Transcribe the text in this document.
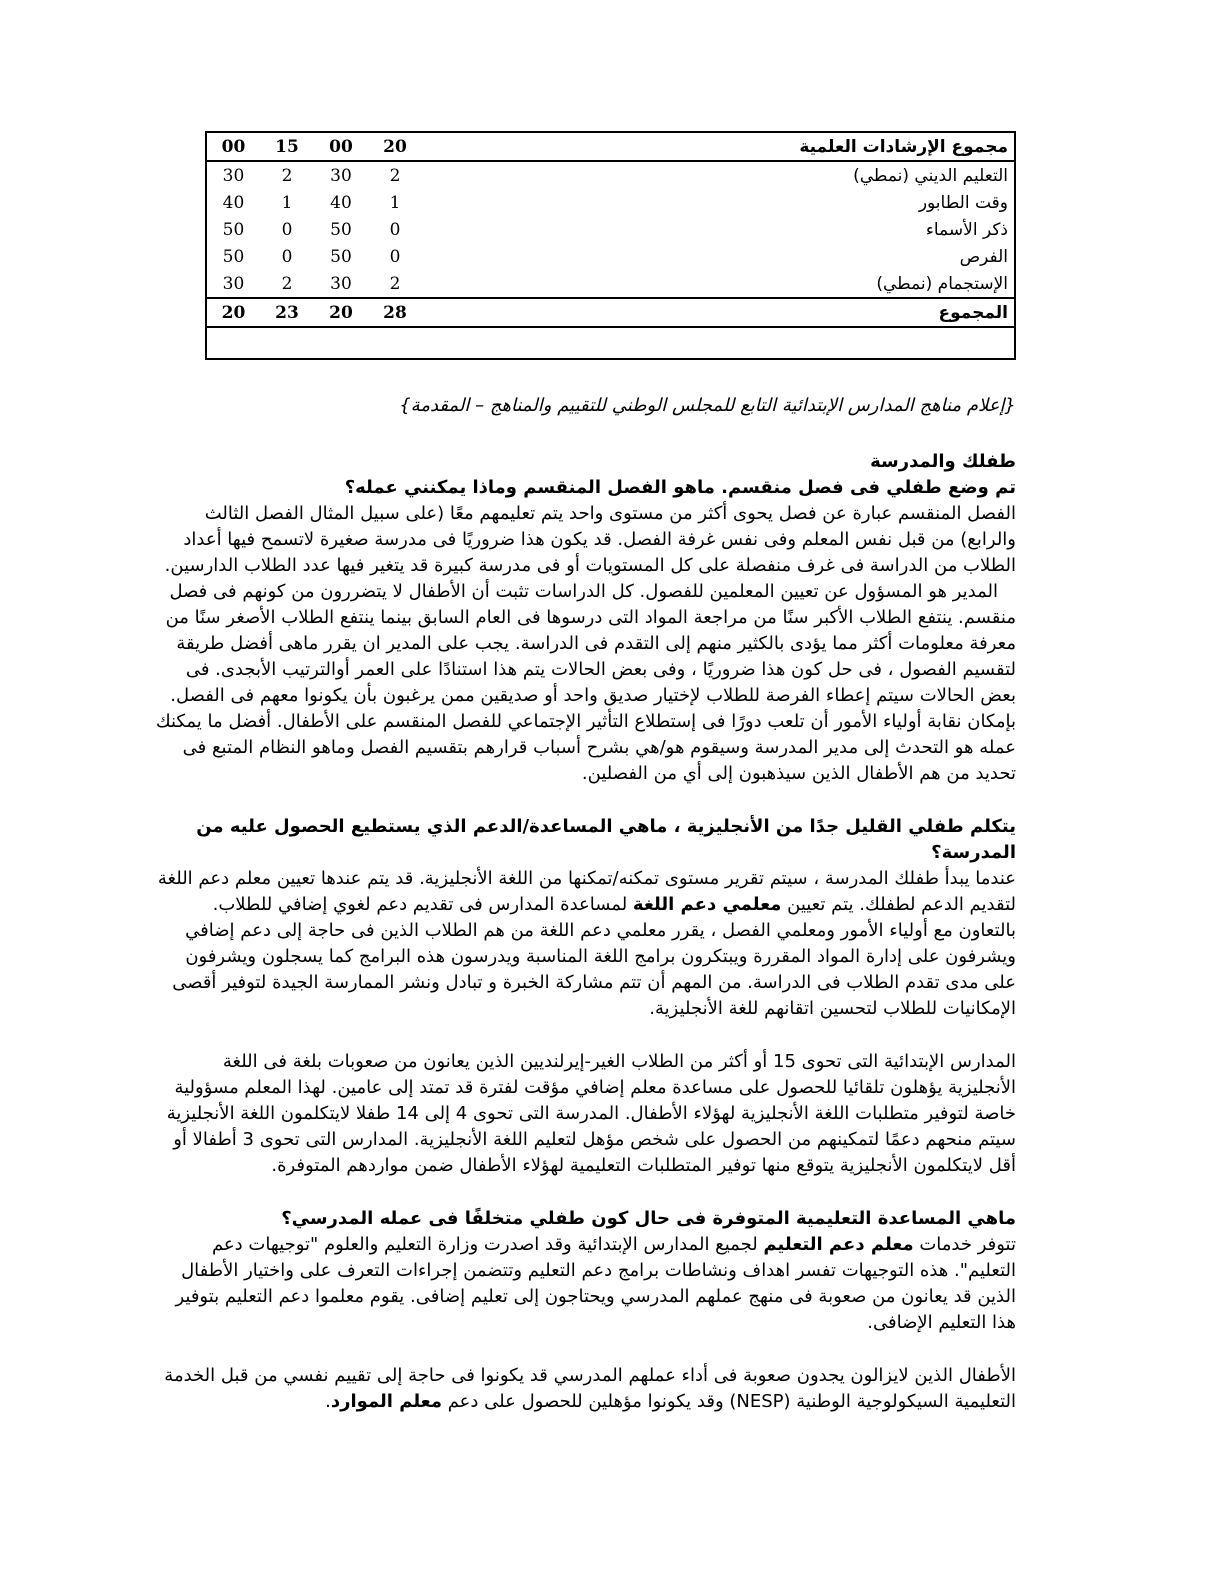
مجموع الإرشادات العلمية	20	00	15	00
التعليم الديني (نمطي)	2	30	2	30
وقت الطابور	1	40	1	40
ذكر الأسماء	0	50	0	50
الفرص	0	50	0	50
الإستجمام (نمطي)	2	30	2	30
المجموع	28	20	23	20

{إعلام مناهج المدارس الإبتدائية التابع للمجلس الوطني للتقييم والمناهج – المقدمة}
طفلك والمدرسة
تم وضع طفلي فى فصل منقسم. ماهو الفصل المنقسم وماذا يمكنني عمله؟
الفصل المنقسم عبارة عن فصل يحوى أكثر من مستوى واحد يتم تعليمهم معًا (على سبيل المثال الفصل الثالث والرابع) من قبل نفس المعلم وفى نفس غرفة الفصل. قد يكون هذا ضروريًا فى مدرسة صغيرة لاتسمح فيها أعداد الطلاب من الدراسة فى غرف منفصلة على كل المستويات أو فى مدرسة كبيرة قد يتغير فيها عدد الطلاب الدارسين.
المدير هو المسؤول عن تعيين المعلمين للفصول. كل الدراسات تثبت أن الأطفال لا يتضررون من كونهم فى فصل منقسم. ينتفع الطلاب الأكبر سنًا من مراجعة المواد التى درسوها فى العام السابق بينما ينتفع الطلاب الأصغر سنًا من معرفة معلومات أكثر مما يؤدى بالكثير منهم إلى التقدم فى الدراسة. يجب على المدير ان يقرر ماهى أفضل طريقة لتقسيم الفصول ، فى حل كون هذا ضروريًا ، وفى بعض الحالات يتم هذا استنادًا على العمر أوالترتيب الأبجدى. فى بعض الحالات سيتم إعطاء الفرصة للطلاب لإختيار صديق واحد أو صديقين ممن يرغبون بأن يكونوا معهم فى الفصل. بإمكان نقابة أولياء الأمور أن تلعب دورًا فى إستطلاع التأثير الإجتماعي للفصل المنقسم على الأطفال. أفضل ما يمكنك عمله هو التحدث إلى مدير المدرسة وسيقوم هو/هي بشرح أسباب قرارهم بتقسيم الفصل وماهو النظام المتبع فى تحديد من هم الأطفال الذين سيذهبون إلى أي من الفصلين.
يتكلم طفلي القليل جدًا من الأنجليزية ، ماهي المساعدة/الدعم الذي يستطيع الحصول عليه من المدرسة؟
عندما يبدأ طفلك المدرسة ، سيتم تقرير مستوى تمكنه/تمكنها من اللغة الأنجليزية. قد يتم عندها تعيين معلم دعم اللغة لتقديم الدعم لطفلك. يتم تعيين معلمي دعم اللغة لمساعدة المدارس فى تقديم دعم لغوي إضافي للطلاب. بالتعاون مع أولياء الأمور ومعلمي الفصل ، يقرر معلمي دعم اللغة من هم الطلاب الذين فى حاجة إلى دعم إضافي ويشرفون على إدارة المواد المقررة ويبتكرون برامج اللغة المناسبة ويدرسون هذه البرامج كما يسجلون ويشرفون على مدى تقدم الطلاب فى الدراسة. من المهم أن تتم مشاركة الخبرة و تبادل ونشر الممارسة الجيدة لتوفير أقصى الإمكانيات للطلاب لتحسين اتقانهم للغة الأنجليزية.
المدارس الإبتدائية التى تحوى 15 أو أكثر من الطلاب الغير-إيرلنديين الذين يعانون من صعوبات بلغة فى اللغة الأنجليزية يؤهلون تلقائيا للحصول على مساعدة معلم إضافي مؤقت لفترة قد تمتد إلى عامين. لهذا المعلم مسؤولية خاصة لتوفير متطلبات اللغة الأنجليزية لهؤلاء الأطفال. المدرسة التى تحوى 4 إلى 14 طفلا لايتكلمون اللغة الأنجليزية سيتم منحهم دعمًا لتمكينهم من الحصول على شخص مؤهل لتعليم اللغة الأنجليزية. المدارس التى تحوى 3 أطفالا أو أقل لايتكلمون الأنجليزية يتوقع منها توفير المتطلبات التعليمية لهؤلاء الأطفال ضمن مواردهم المتوفرة.
ماهي المساعدة التعليمية المتوفرة فى حال كون طفلي متخلفًا فى عمله المدرسي؟
تتوفر خدمات معلم دعم التعليم لجميع المدارس الإبتدائية وقد اصدرت وزارة التعليم والعلوم "توجيهات دعم التعليم". هذه التوجيهات تفسر اهداف ونشاطات برامج دعم التعليم وتتضمن إجراءات التعرف على واختيار الأطفال الذين قد يعانون من صعوبة فى منهج عملهم المدرسي ويحتاجون إلى تعليم إضافى. يقوم معلموا دعم التعليم بتوفير هذا التعليم الإضافى.
الأطفال الذين لايزالون يجدون صعوبة فى أداء عملهم المدرسي قد يكونوا فى حاجة إلى تقييم نفسي من قبل الخدمة التعليمية السيكولوجية الوطنية (NESP) وقد يكونوا مؤهلين للحصول على دعم معلم الموارد.
